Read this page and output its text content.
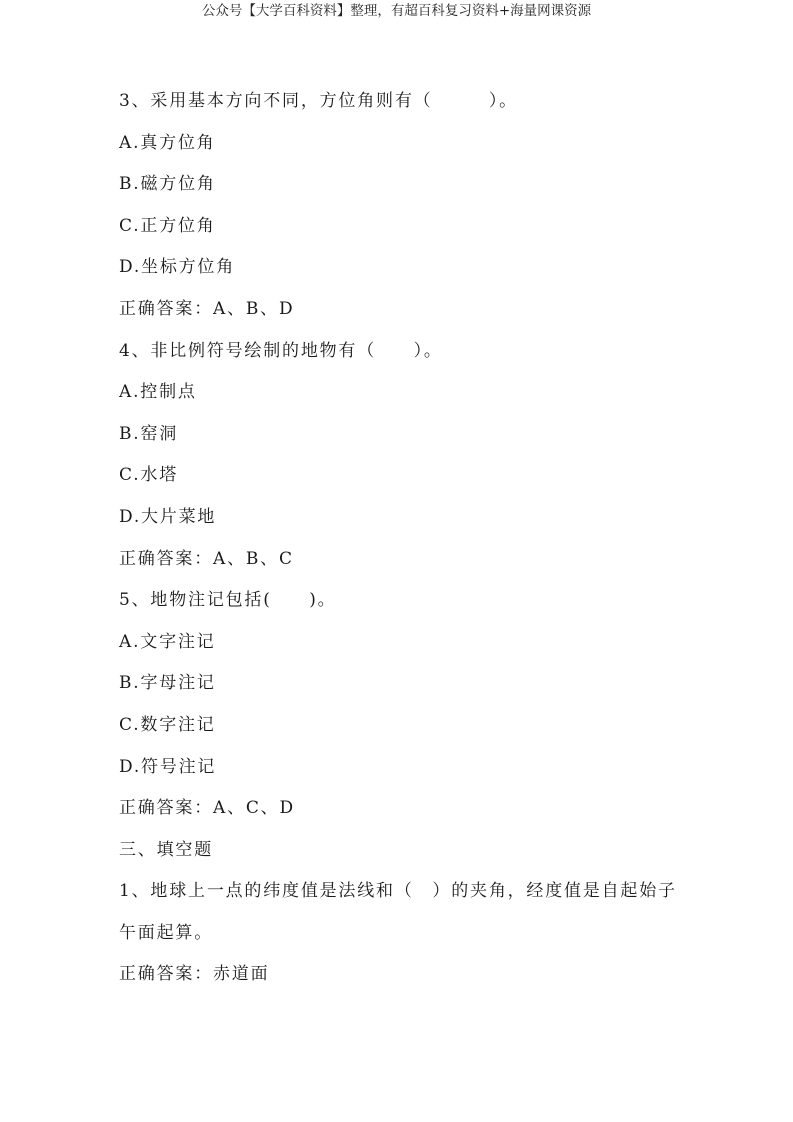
公众号【大学百科资料】整理，有超百科复习资料+海量网课资源
3、采用基本方向不同，方位角则有（　　　）。
A.真方位角
B.磁方位角
C.正方位角
D.坐标方位角
正确答案：A、B、D
4、非比例符号绘制的地物有（　　）。
A.控制点
B.窑洞
C.水塔
D.大片菜地
正确答案：A、B、C
5、地物注记包括(　　)。
A.文字注记
B.字母注记
C.数字注记
D.符号注记
正确答案：A、C、D
三、填空题
1、地球上一点的纬度值是法线和（　）的夹角，经度值是自起始子
午面起算。
正确答案：赤道面
